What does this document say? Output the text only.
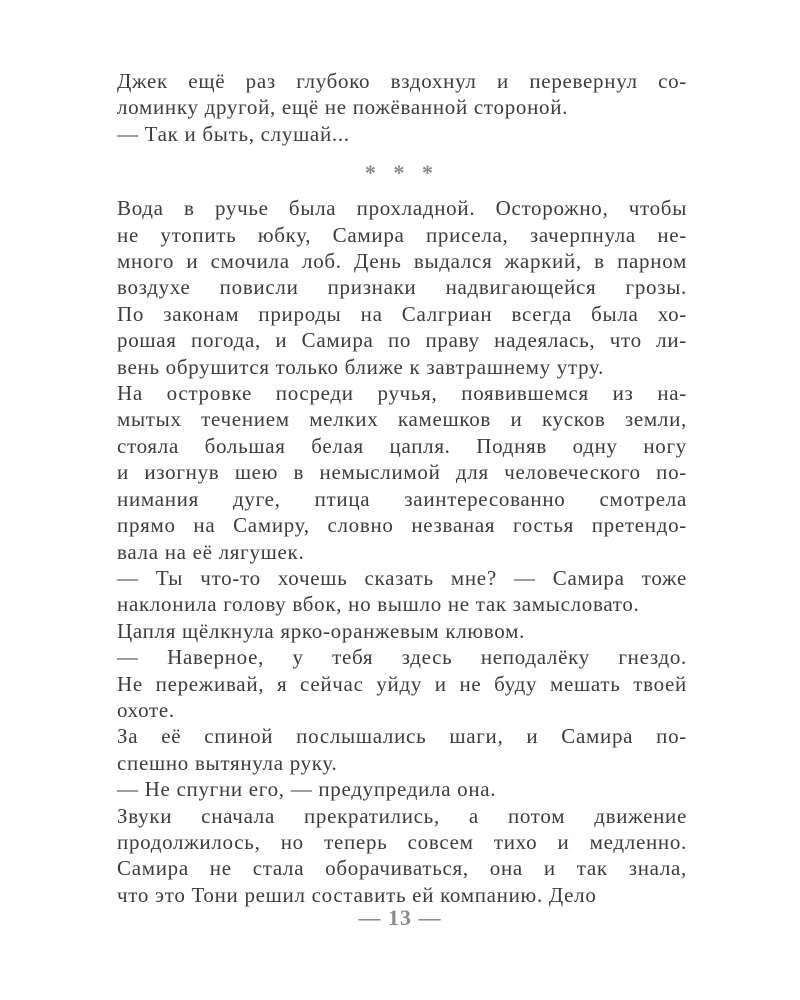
Джек ещё раз глубоко вздохнул и перевернул со-
ломинку другой, ещё не пожёванной стороной.
— Так и быть, слушай...
* * *
Вода в ручье была прохладной. Осторожно, чтобы
не утопить юбку, Самира присела, зачерпнула не-
много и смочила лоб. День выдался жаркий, в парном
воздухе повисли признаки надвигающейся грозы.
По законам природы на Салгриан всегда была хо-
рошая погода, и Самира по праву надеялась, что ли-
вень обрушится только ближе к завтрашнему утру.
На островке посреди ручья, появившемся из на-
мытых течением мелких камешков и кусков земли,
стояла большая белая цапля. Подняв одну ногу
и изогнув шею в немыслимой для человеческого по-
нимания дуге, птица заинтересованно смотрела
прямо на Самиру, словно незваная гостья претендо-
вала на её лягушек.
— Ты что-то хочешь сказать мне? — Самира тоже
наклонила голову вбок, но вышло не так замысловато.
Цапля щёлкнула ярко-оранжевым клювом.
— Наверное, у тебя здесь неподалёку гнездо.
Не переживай, я сейчас уйду и не буду мешать твоей
охоте.
За её спиной послышались шаги, и Самира по-
спешно вытянула руку.
— Не спугни его, — предупредила она.
Звуки сначала прекратились, а потом движение
продолжилось, но теперь совсем тихо и медленно.
Самира не стала оборачиваться, она и так знала,
что это Тони решил составить ей компанию. Дело
— 13 —
